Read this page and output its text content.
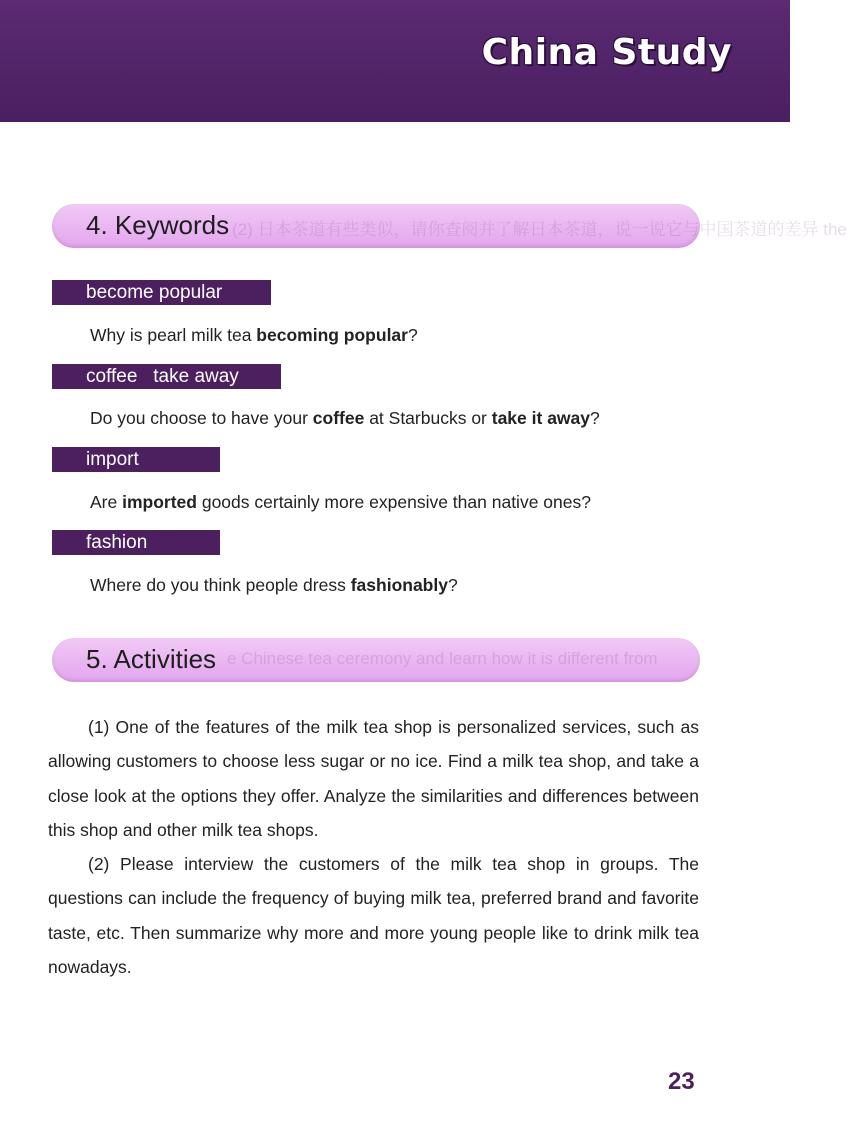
China Study
(2) 日本茶道有些类似，请你查阅并了解日本茶道，说一说它与中国茶道的差异 the
4. Keywords
become popular
Why is pearl milk tea becoming popular?
coffee   take away
Do you choose to have your coffee at Starbucks or take it away?
import
Are imported goods certainly more expensive than native ones?
fashion
Where do you think people dress fashionably?
e Chinese tea ceremony and learn how it is different from
5. Activities
(1) One of the features of the milk tea shop is personalized services, such as allowing customers to choose less sugar or no ice. Find a milk tea shop, and take a close look at the options they offer. Analyze the similarities and differences between this shop and other milk tea shops.
(2) Please interview the customers of the milk tea shop in groups. The questions can include the frequency of buying milk tea, preferred brand and favorite taste, etc. Then summarize why more and more young people like to drink milk tea nowadays.
23
